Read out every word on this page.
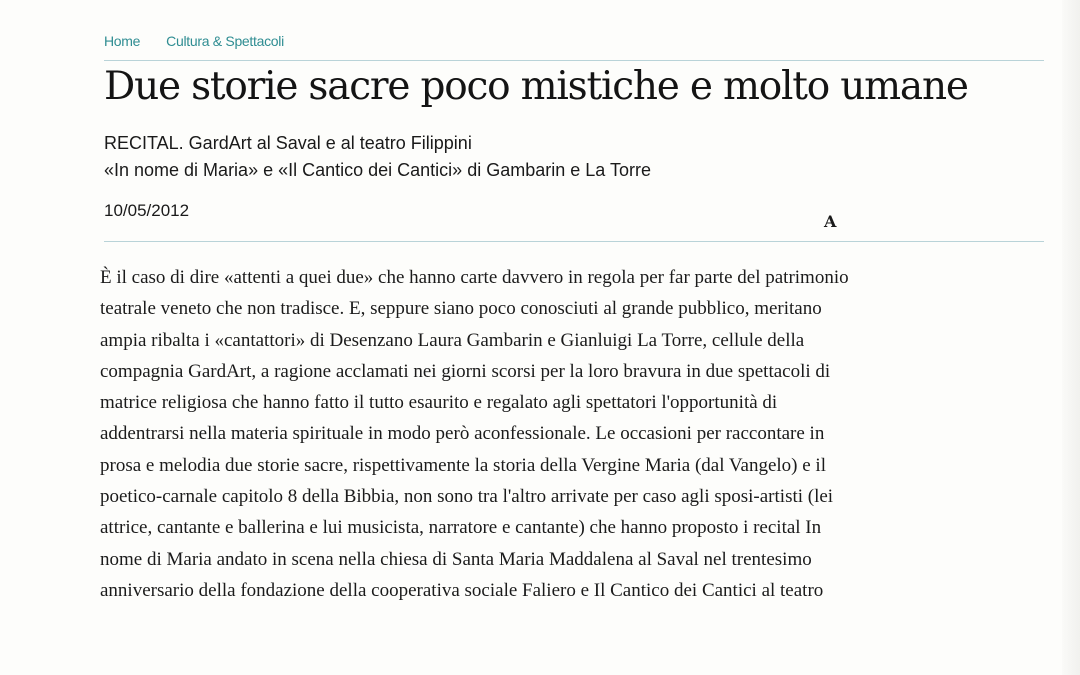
Home Cultura & Spettacoli
Due storie sacre poco mistiche e molto umane
RECITAL. GardArt al Saval e al teatro Filippini
«In nome di Maria» e «Il Cantico dei Cantici» di Gambarin e La Torre
10/05/2012
A
È il caso di dire «attenti a quei due» che hanno carte davvero in regola per far parte del patrimonio
teatrale veneto che non tradisce. E, seppure siano poco conosciuti al grande pubblico, meritano
ampia ribalta i «cantattori» di Desenzano Laura Gambarin e Gianluigi La Torre, cellule della
compagnia GardArt, a ragione acclamati nei giorni scorsi per la loro bravura in due spettacoli di
matrice religiosa che hanno fatto il tutto esaurito e regalato agli spettatori l'opportunità di
addentrarsi nella materia spirituale in modo però aconfessionale. Le occasioni per raccontare in
prosa e melodia due storie sacre, rispettivamente la storia della Vergine Maria (dal Vangelo) e il
poetico-carnale capitolo 8 della Bibbia, non sono tra l'altro arrivate per caso agli sposi-artisti (lei
attrice, cantante e ballerina e lui musicista, narratore e cantante) che hanno proposto i recital In
nome di Maria andato in scena nella chiesa di Santa Maria Maddalena al Saval nel trentesimo
anniversario della fondazione della cooperativa sociale Faliero e Il Cantico dei Cantici al teatro
